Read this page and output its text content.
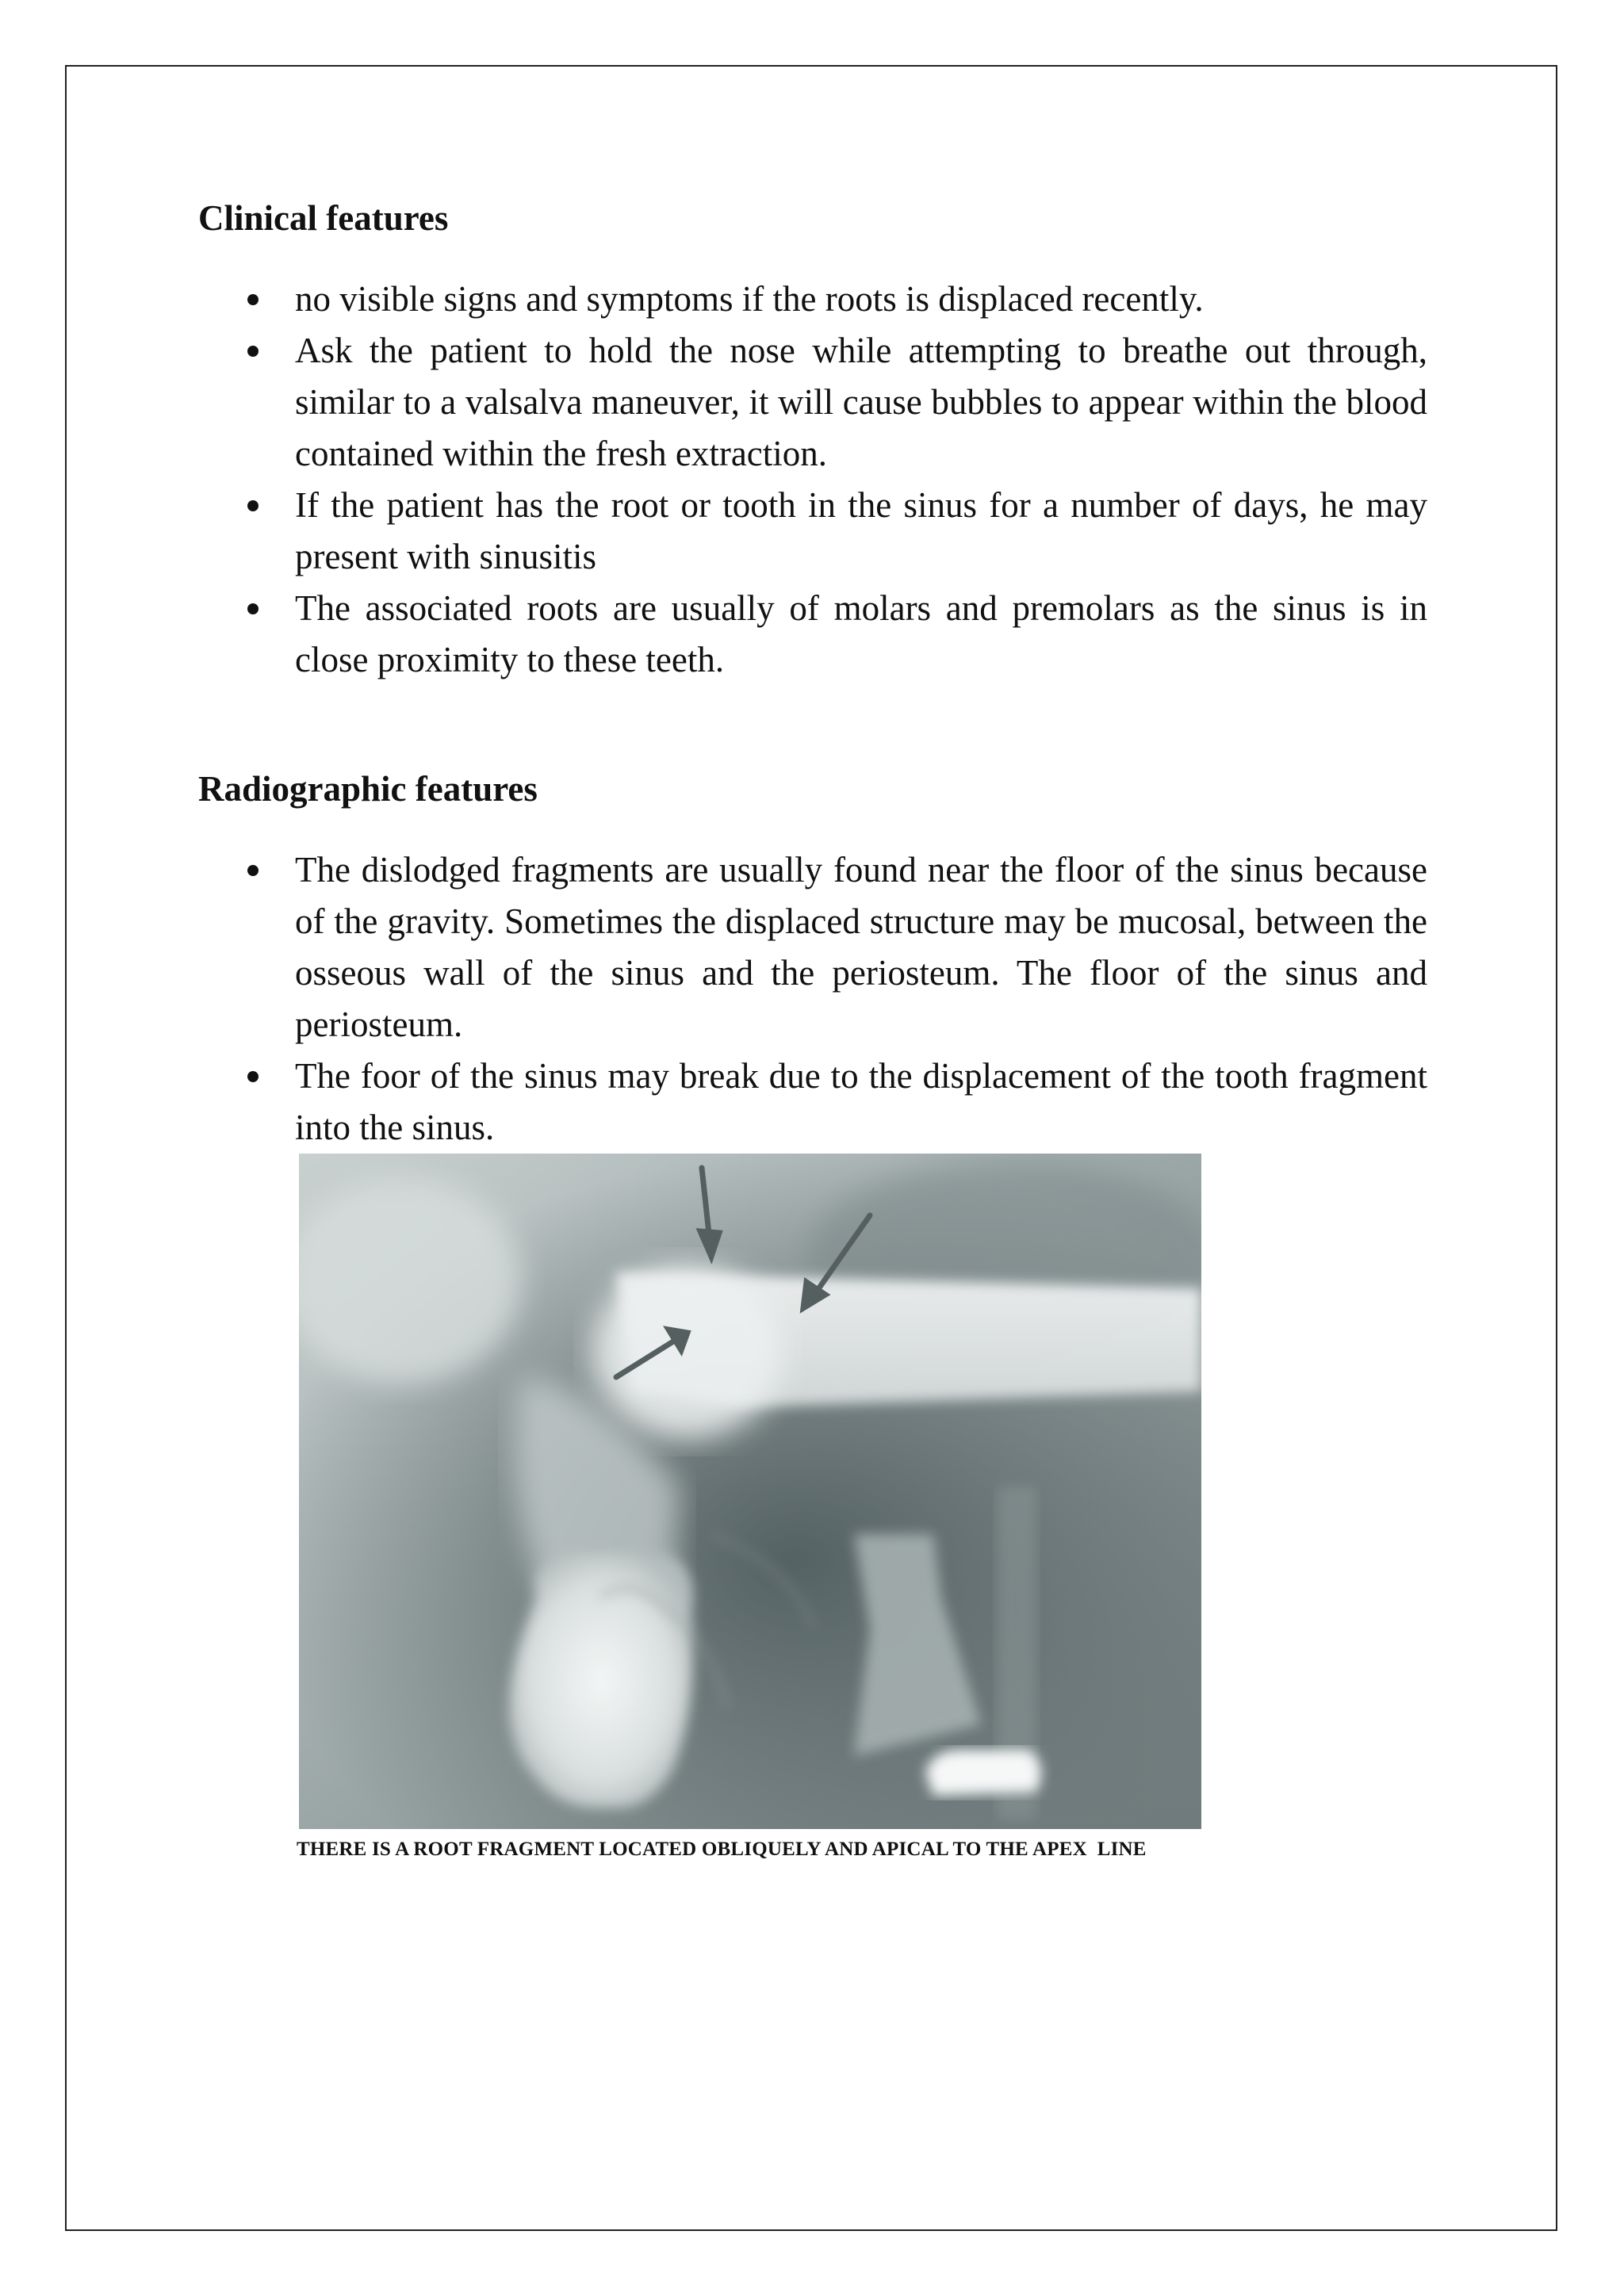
Clinical features
no visible signs and symptoms if the roots is displaced recently.
Ask the patient to hold the nose while attempting to breathe out through, similar to a valsalva maneuver, it will cause bubbles to appear within the blood contained within the fresh extraction.
If the patient has the root or tooth in the sinus for a number of days, he may present with sinusitis
The associated roots are usually of molars and premolars as the sinus is in close proximity to these teeth.
Radiographic features
The dislodged fragments are usually found near the floor of the sinus because of the gravity. Sometimes the displaced structure may be mucosal, between the osseous wall of the sinus and the periosteum. The floor of the sinus and periosteum.
The foor of the sinus may break due to the displacement of the tooth fragment into the sinus.
THERE IS A ROOT FRAGMENT LOCATED OBLIQUELY AND APICAL TO THE APEX  LINE
